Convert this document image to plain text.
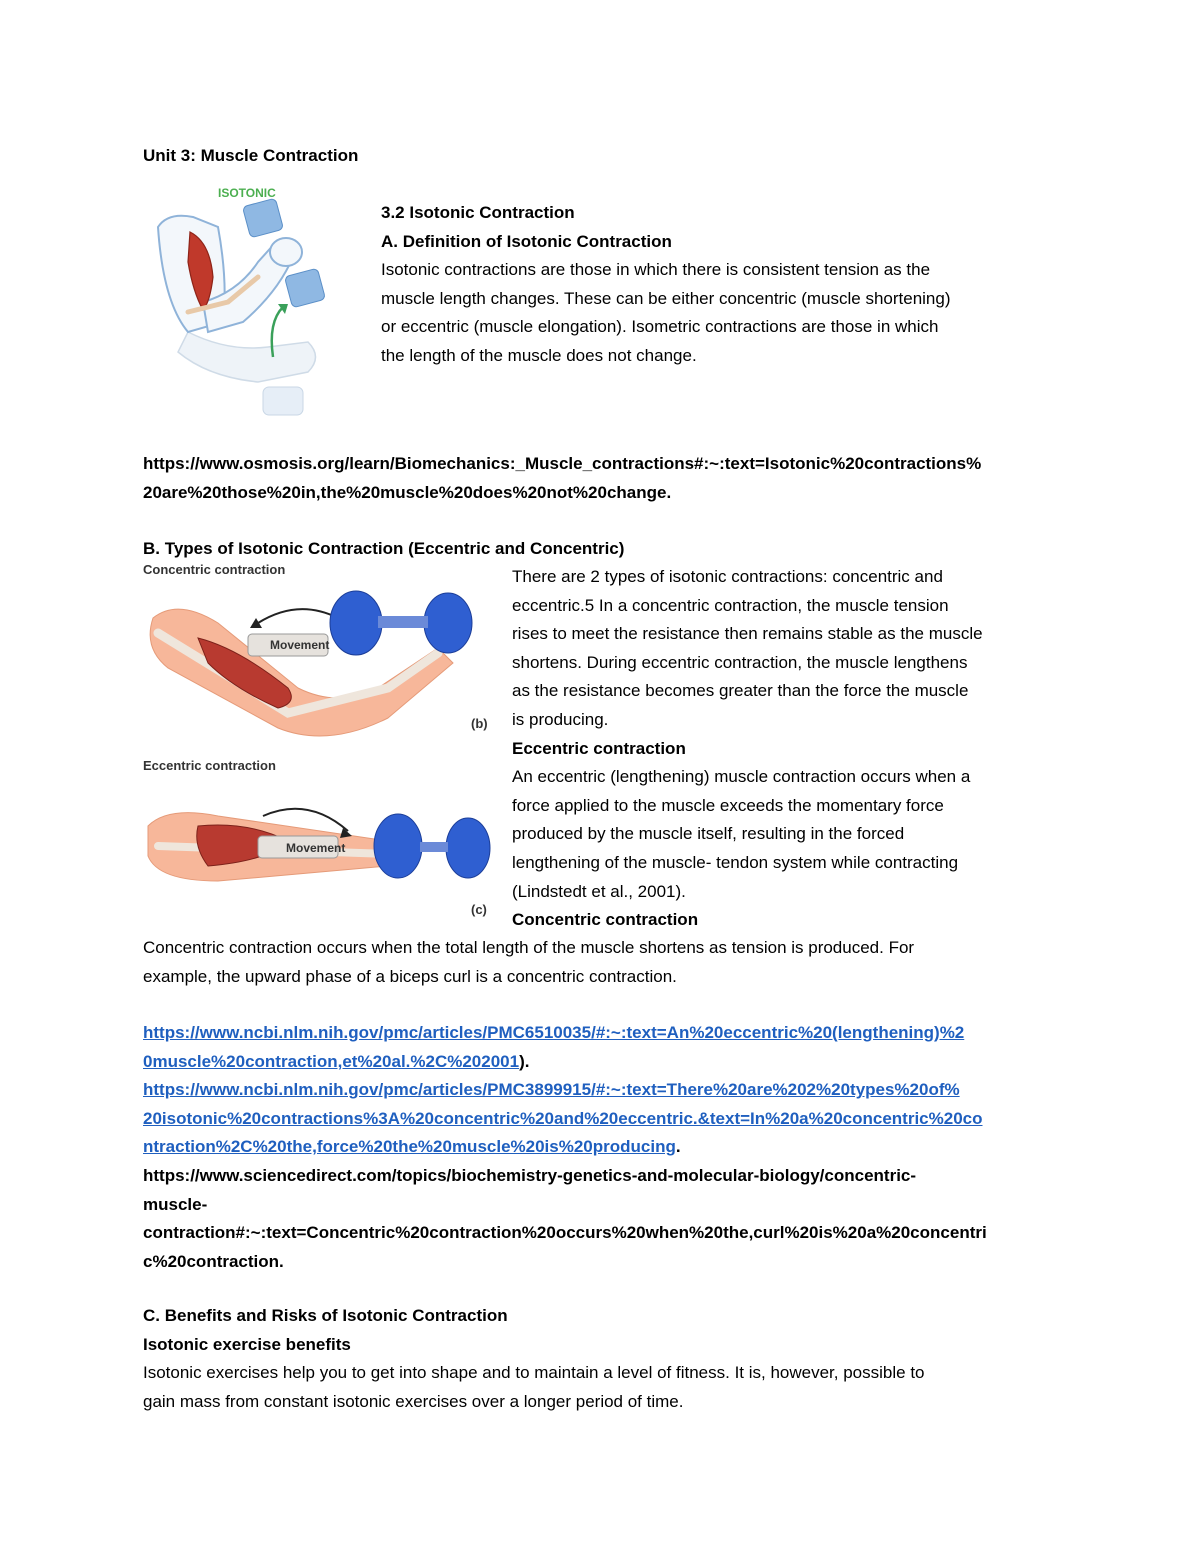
Unit 3: Muscle Contraction
ISOTONIC
3.2 Isotonic Contraction
A. Definition of Isotonic Contraction
Isotonic contractions are those in which there is consistent tension as the
muscle length changes. These can be either concentric (muscle shortening)
or eccentric (muscle elongation). Isometric contractions are those in which
the length of the muscle does not change.
https://www.osmosis.org/learn/Biomechanics:_Muscle_contractions#:~:text=Isotonic%20contractions%
20are%20those%20in,the%20muscle%20does%20not%20change.
B. Types of Isotonic Contraction (Eccentric and Concentric)
Concentric contraction
Movement
(b)
Eccentric contraction
Movement
(c)
There are 2 types of isotonic contractions: concentric and
eccentric.5 In a concentric contraction, the muscle tension
rises to meet the resistance then remains stable as the muscle
shortens. During eccentric contraction, the muscle lengthens
as the resistance becomes greater than the force the muscle
is producing.
Eccentric contraction
An eccentric (lengthening) muscle contraction occurs when a
force applied to the muscle exceeds the momentary force
produced by the muscle itself, resulting in the forced
lengthening of the muscle- tendon system while contracting
(Lindstedt et al., 2001).
Concentric contraction
Concentric contraction occurs when the total length of the muscle shortens as tension is produced. For
example, the upward phase of a biceps curl is a concentric contraction.
https://www.ncbi.nlm.nih.gov/pmc/articles/PMC6510035/#:~:text=An%20eccentric%20(lengthening)%2
0muscle%20contraction,et%20al.%2C%202001).
https://www.ncbi.nlm.nih.gov/pmc/articles/PMC3899915/#:~:text=There%20are%202%20types%20of%
20isotonic%20contractions%3A%20concentric%20and%20eccentric.&text=In%20a%20concentric%20co
ntraction%2C%20the,force%20the%20muscle%20is%20producing.
https://www.sciencedirect.com/topics/biochemistry-genetics-and-molecular-biology/concentric-
muscle-
contraction#:~:text=Concentric%20contraction%20occurs%20when%20the,curl%20is%20a%20concentri
c%20contraction.
C. Benefits and Risks of Isotonic Contraction
Isotonic exercise benefits
Isotonic exercises help you to get into shape and to maintain a level of fitness. It is, however, possible to
gain mass from constant isotonic exercises over a longer period of time.
